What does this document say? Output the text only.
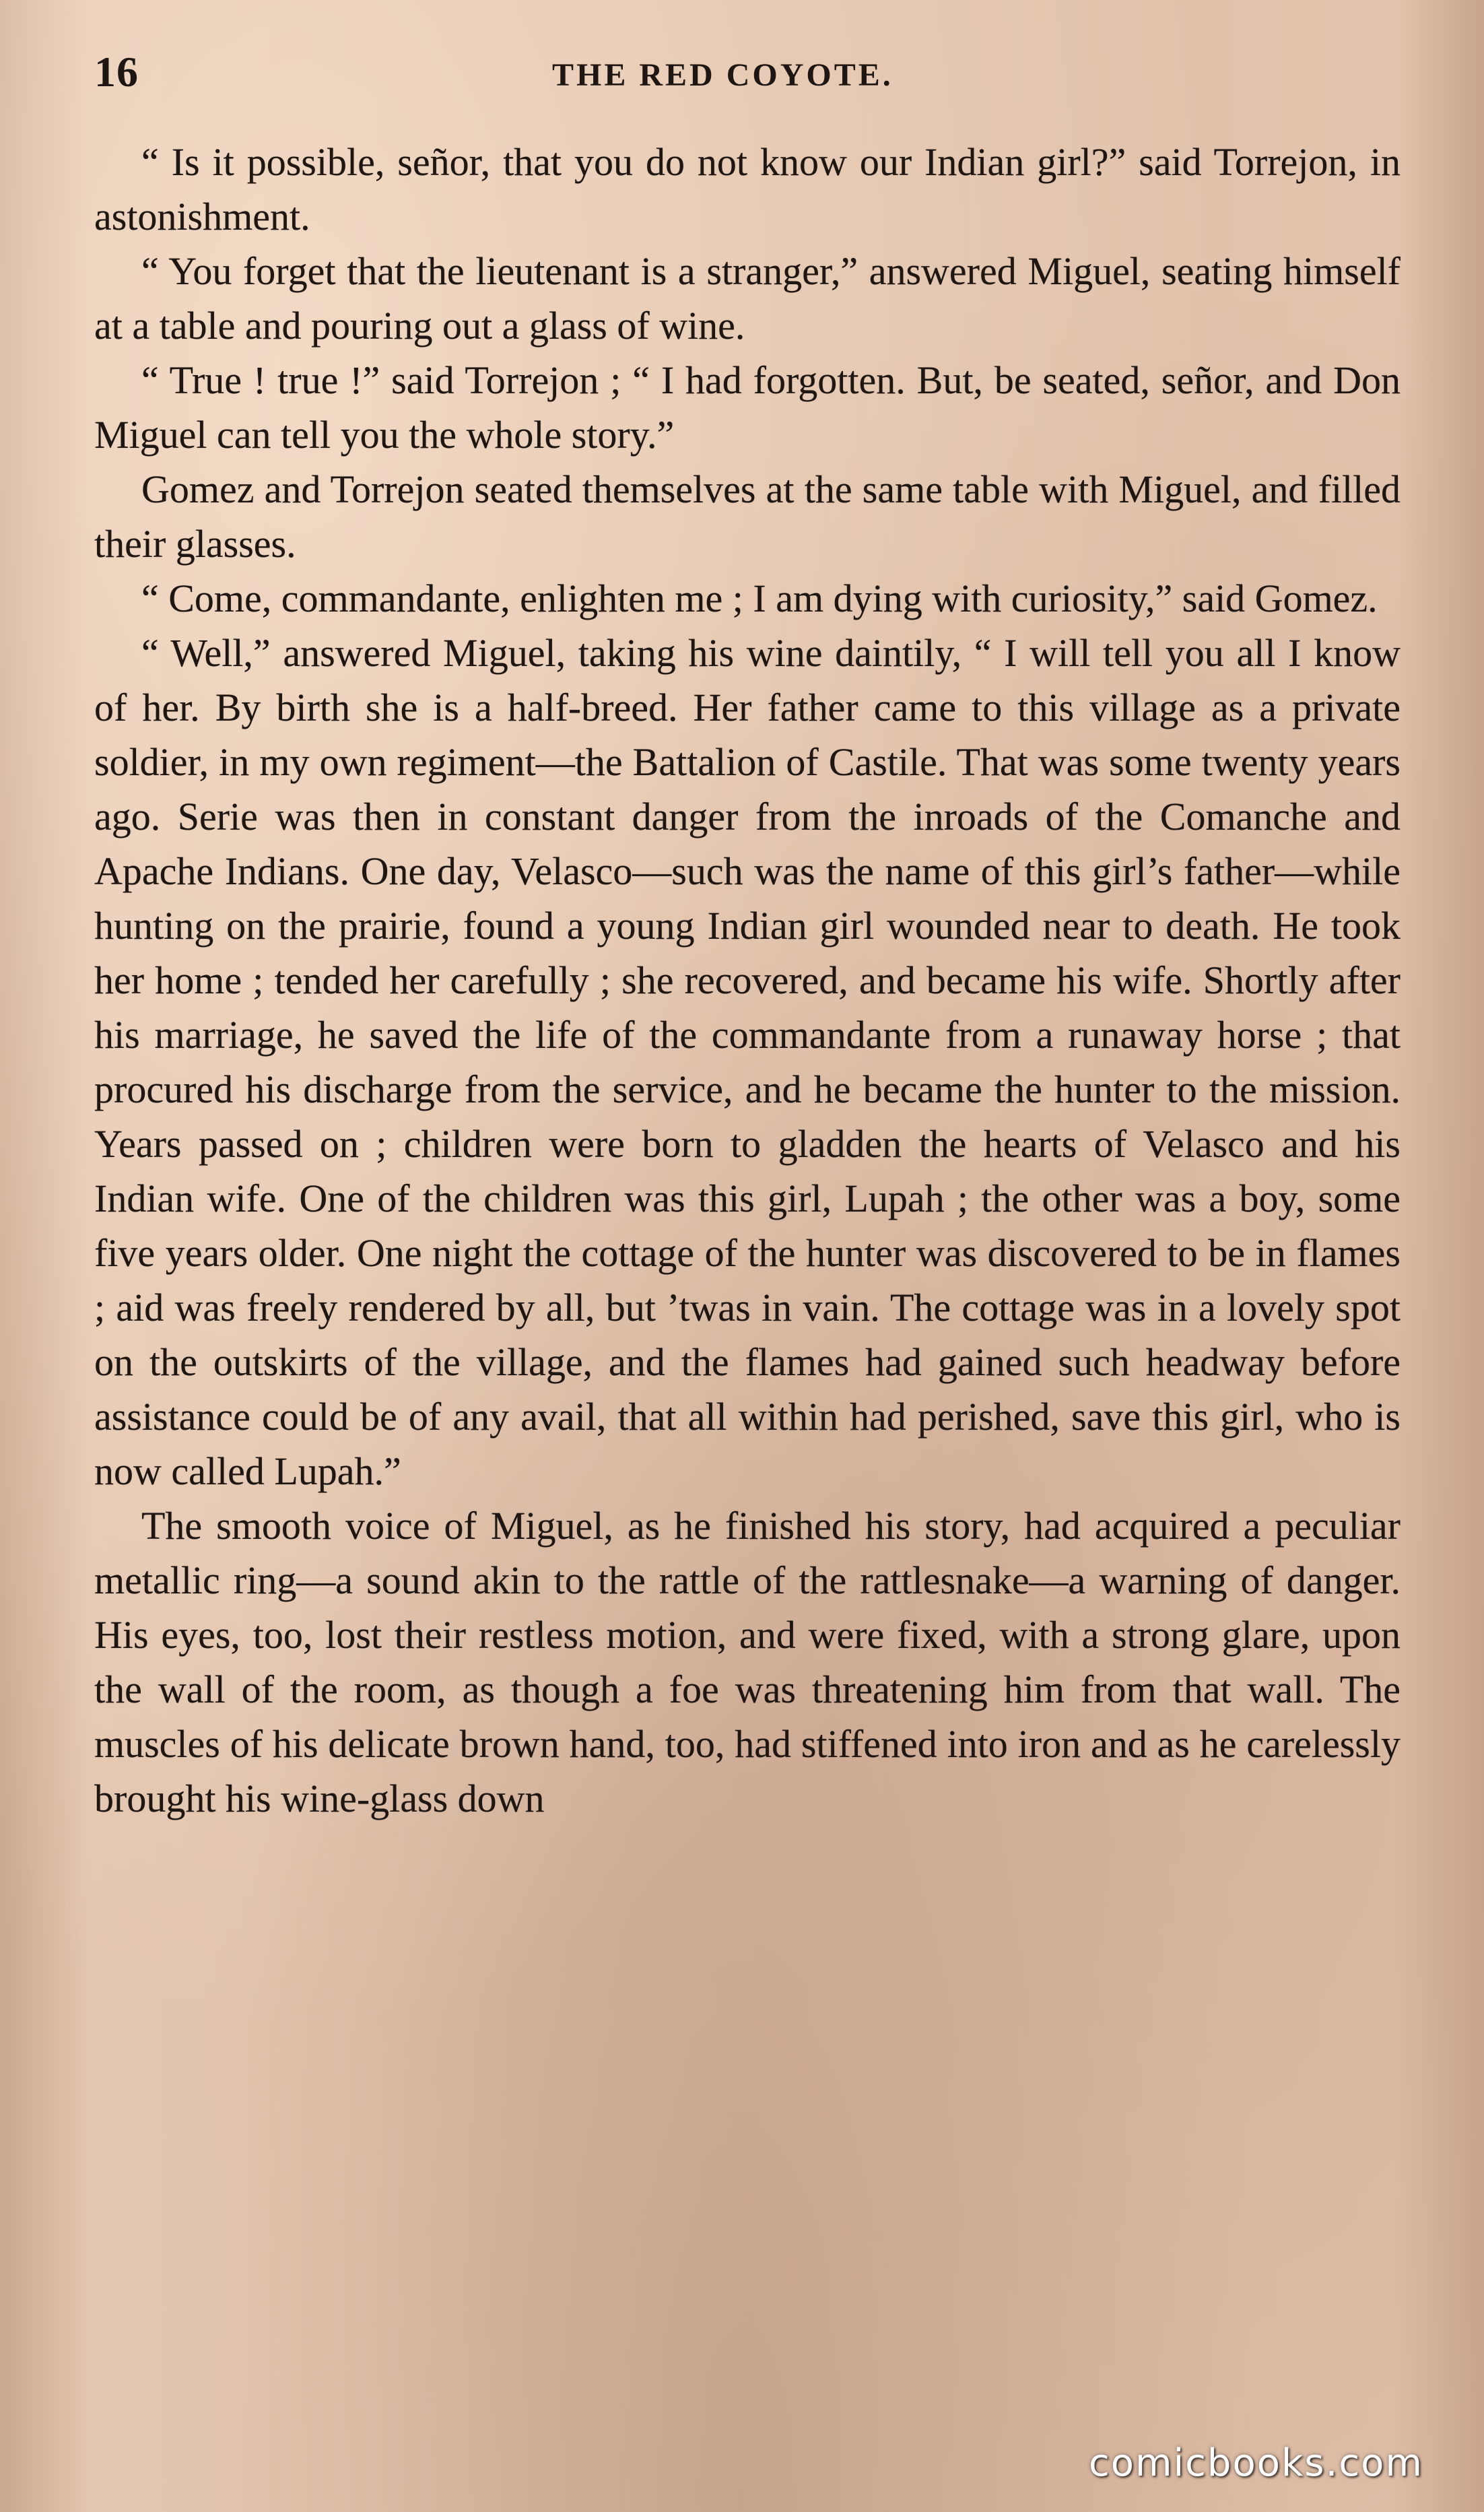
16	THE RED COYOTE.

“ Is it possible, señor, that you do not know our Indian girl?” said Torrejon, in astonishment.

“ You forget that the lieutenant is a stranger,” answered Miguel, seating himself at a table and pouring out a glass of wine.

“ True ! true !” said Torrejon ; “ I had forgotten. But, be seated, señor, and Don Miguel can tell you the whole story.”

Gomez and Torrejon seated themselves at the same table with Miguel, and filled their glasses.

“ Come, commandante, enlighten me ; I am dying with curiosity,” said Gomez.

“ Well,” answered Miguel, taking his wine daintily, “ I will tell you all I know of her. By birth she is a half-breed. Her father came to this village as a private soldier, in my own regiment—the Battalion of Castile. That was some twenty years ago. Serie was then in constant danger from the inroads of the Comanche and Apache Indians. One day, Velasco—such was the name of this girl’s father—while hunting on the prairie, found a young Indian girl wounded near to death. He took her home ; tended her carefully ; she recovered, and became his wife. Shortly after his marriage, he saved the life of the commandante from a runaway horse ; that procured his discharge from the service, and he became the hunter to the mission. Years passed on ; children were born to gladden the hearts of Velasco and his Indian wife. One of the children was this girl, Lupah ; the other was a boy, some five years older. One night the cottage of the hunter was discovered to be in flames ; aid was freely rendered by all, but ’twas in vain. The cottage was in a lovely spot on the outskirts of the village, and the flames had gained such headway before assistance could be of any avail, that all within had perished, save this girl, who is now called Lupah.”

The smooth voice of Miguel, as he finished his story, had acquired a peculiar metallic ring—a sound akin to the rattle of the rattlesnake—a warning of danger. His eyes, too, lost their restless motion, and were fixed, with a strong glare, upon the wall of the room, as though a foe was threatening him from that wall. The muscles of his delicate brown hand, too, had stiffened into iron and as he carelessly brought his wine-glass down

comicbooks.com
